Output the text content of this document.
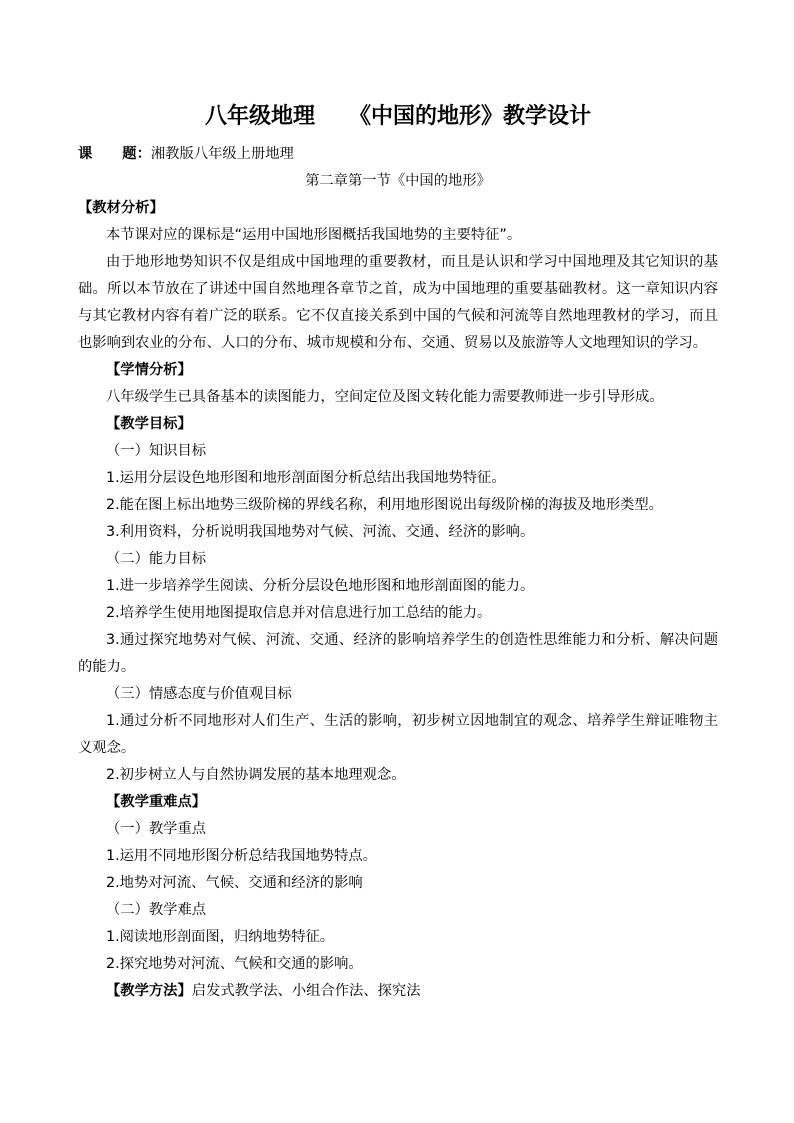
八年级地理 《中国的地形》教学设计
课 题：湘教版八年级上册地理
第二章第一节《中国的地形》
【教材分析】

本节课对应的课标是“运用中国地形图概括我国地势的主要特征”。

由于地形地势知识不仅是组成中国地理的重要教材，而且是认识和学习中国地理及其它知识的基础。所以本节放在了讲述中国自然地理各章节之首，成为中国地理的重要基础教材。这一章知识内容与其它教材内容有着广泛的联系。它不仅直接关系到中国的气候和河流等自然地理教材的学习，而且也影响到农业的分布、人口的分布、城市规模和分布、交通、贸易以及旅游等人文地理知识的学习。

【学情分析】
八年级学生已具备基本的读图能力，空间定位及图文转化能力需要教师进一步引导形成。
【教学目标】
（一）知识目标
1.运用分层设色地形图和地形剖面图分析总结出我国地势特征。
2.能在图上标出地势三级阶梯的界线名称，利用地形图说出每级阶梯的海拔及地形类型。
3.利用资料，分析说明我国地势对气候、河流、交通、经济的影响。
（二）能力目标
1.进一步培养学生阅读、分析分层设色地形图和地形剖面图的能力。
2.培养学生使用地图提取信息并对信息进行加工总结的能力。

3.通过探究地势对气候、河流、交通、经济的影响培养学生的创造性思维能力和分析、解决问题的能力。

（三）情感态度与价值观目标

1.通过分析不同地形对人们生产、生活的影响，初步树立因地制宜的观念、培养学生辩证唯物主义观念。

2.初步树立人与自然协调发展的基本地理观念。
【教学重难点】
（一）教学重点
1.运用不同地形图分析总结我国地势特点。
2.地势对河流、气候、交通和经济的影响
（二）教学难点
1.阅读地形剖面图，归纳地势特征。
2.探究地势对河流、气候和交通的影响。
【教学方法】启发式教学法、小组合作法、探究法
